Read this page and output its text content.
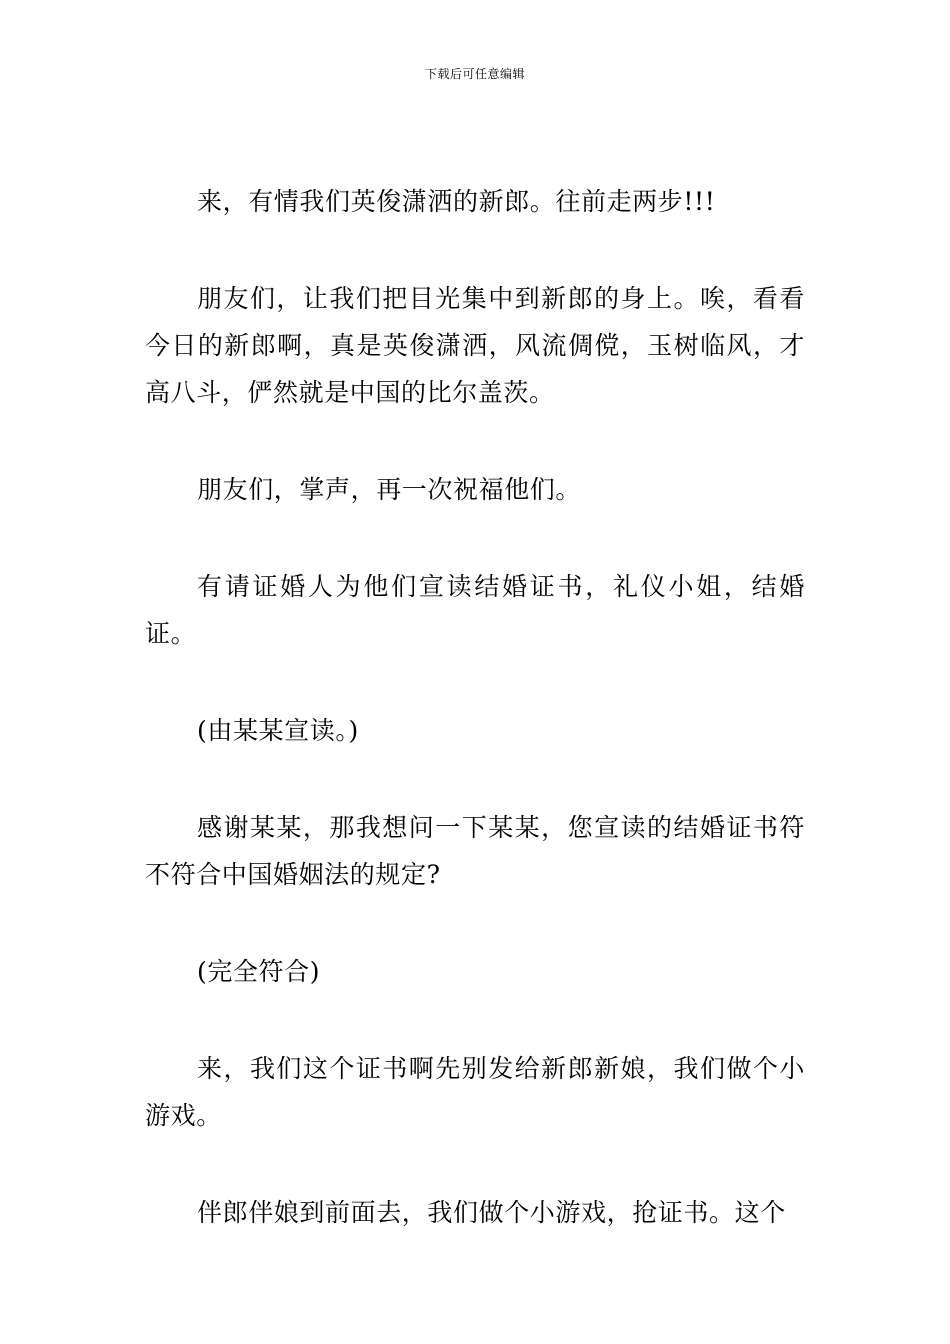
下载后可任意编辑

来，有情我们英俊潇洒的新郎。往前走两步!!!

朋友们，让我们把目光集中到新郎的身上。唉，看看今日的新郎啊，真是英俊潇洒，风流倜傥，玉树临风，才高八斗，俨然就是中国的比尔盖茨。

朋友们，掌声，再一次祝福他们。

有请证婚人为他们宣读结婚证书，礼仪小姐，结婚证。

(由某某宣读。)

感谢某某，那我想问一下某某，您宣读的结婚证书符不符合中国婚姻法的规定?

(完全符合)

来，我们这个证书啊先别发给新郎新娘，我们做个小游戏。

伴郎伴娘到前面去，我们做个小游戏，抢证书。这个
